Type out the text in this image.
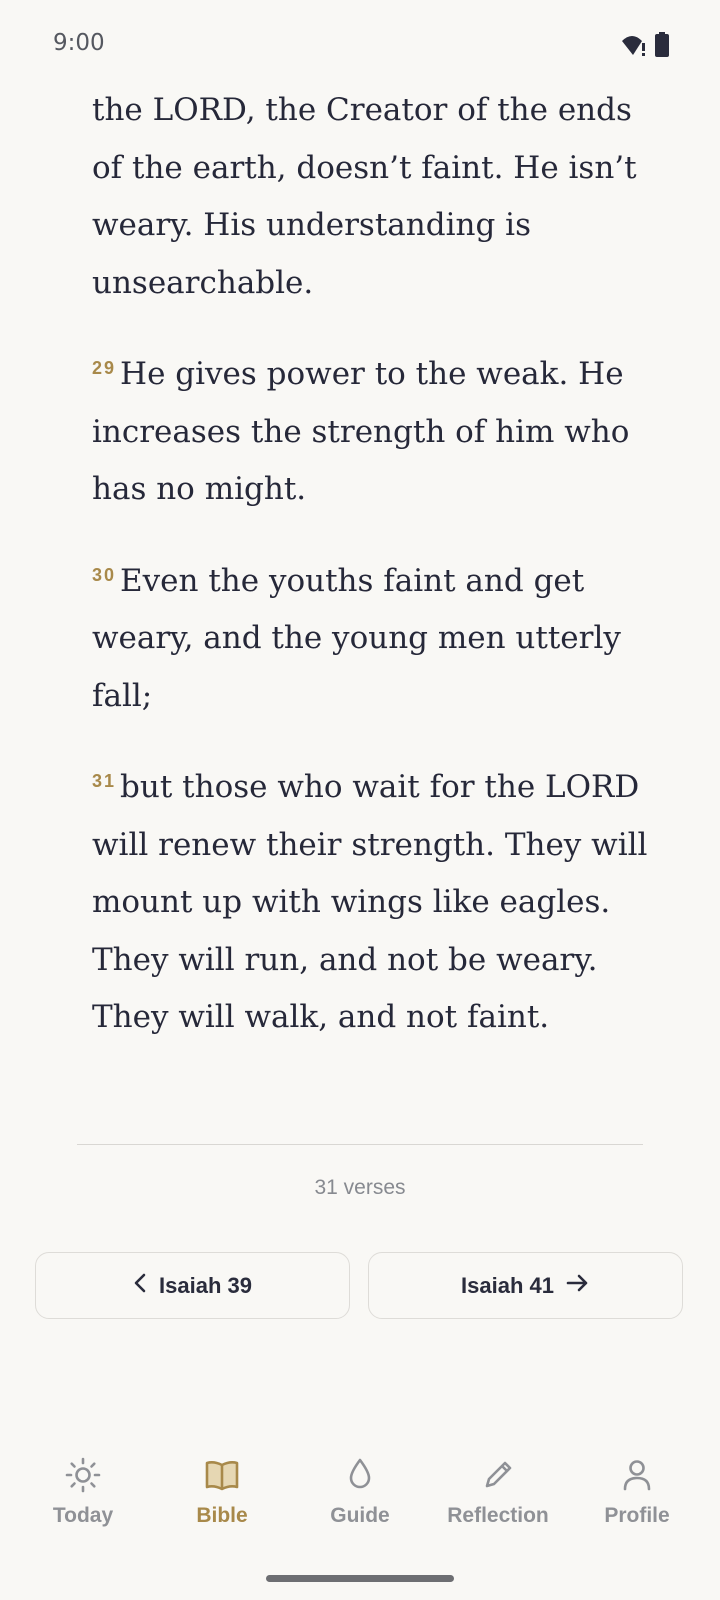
9:00

the LORD, the Creator of the ends of the earth, doesn’t faint. He isn’t weary. His understanding is unsearchable.

$^{29}$ He gives power to the weak. He increases the strength of him who has no might.

$^{30}$ Even the youths faint and get weary, and the young men utterly fall;

$^{31}$ but those who wait for the LORD will renew their strength. They will mount up with wings like eagles. They will run, and not be weary. They will walk, and not faint.

31 verses
Isaiah 39	Isaiah 41
Today	Bible	Guide	Reflection	Profile
